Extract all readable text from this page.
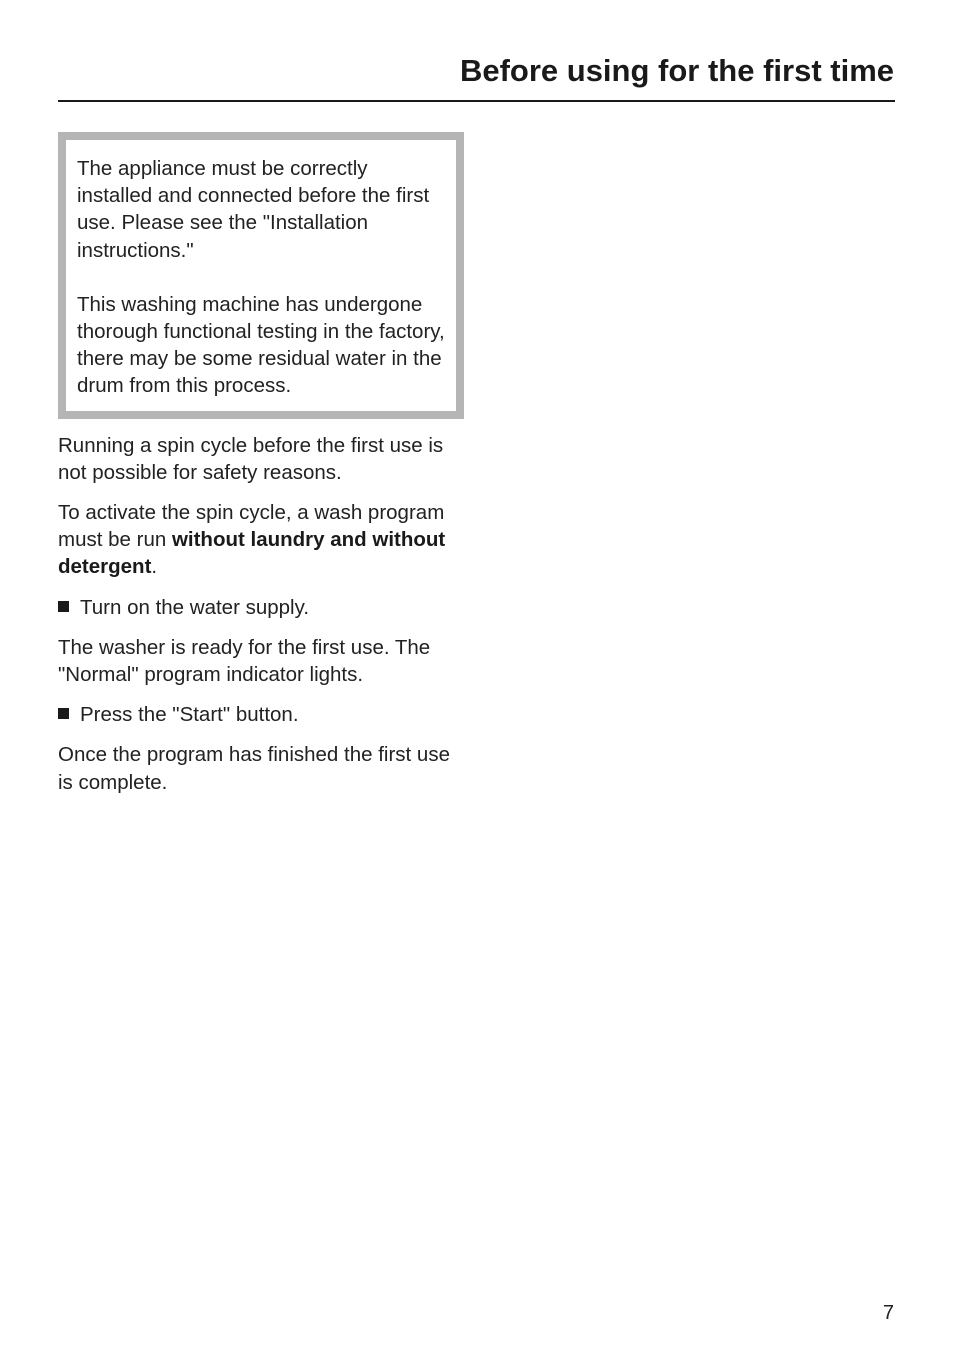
Before using for the first time

The appliance must be correctly installed and connected before the first use. Please see the "Installation instructions."

This washing machine has undergone thorough functional testing in the factory, there may be some residual water in the drum from this process.

Running a spin cycle before the first use is not possible for safety reasons.

To activate the spin cycle, a wash program must be run without laundry and without detergent.

Turn on the water supply.

The washer is ready for the first use. The "Normal" program indicator lights.

Press the "Start" button.

Once the program has finished the first use is complete.

7
